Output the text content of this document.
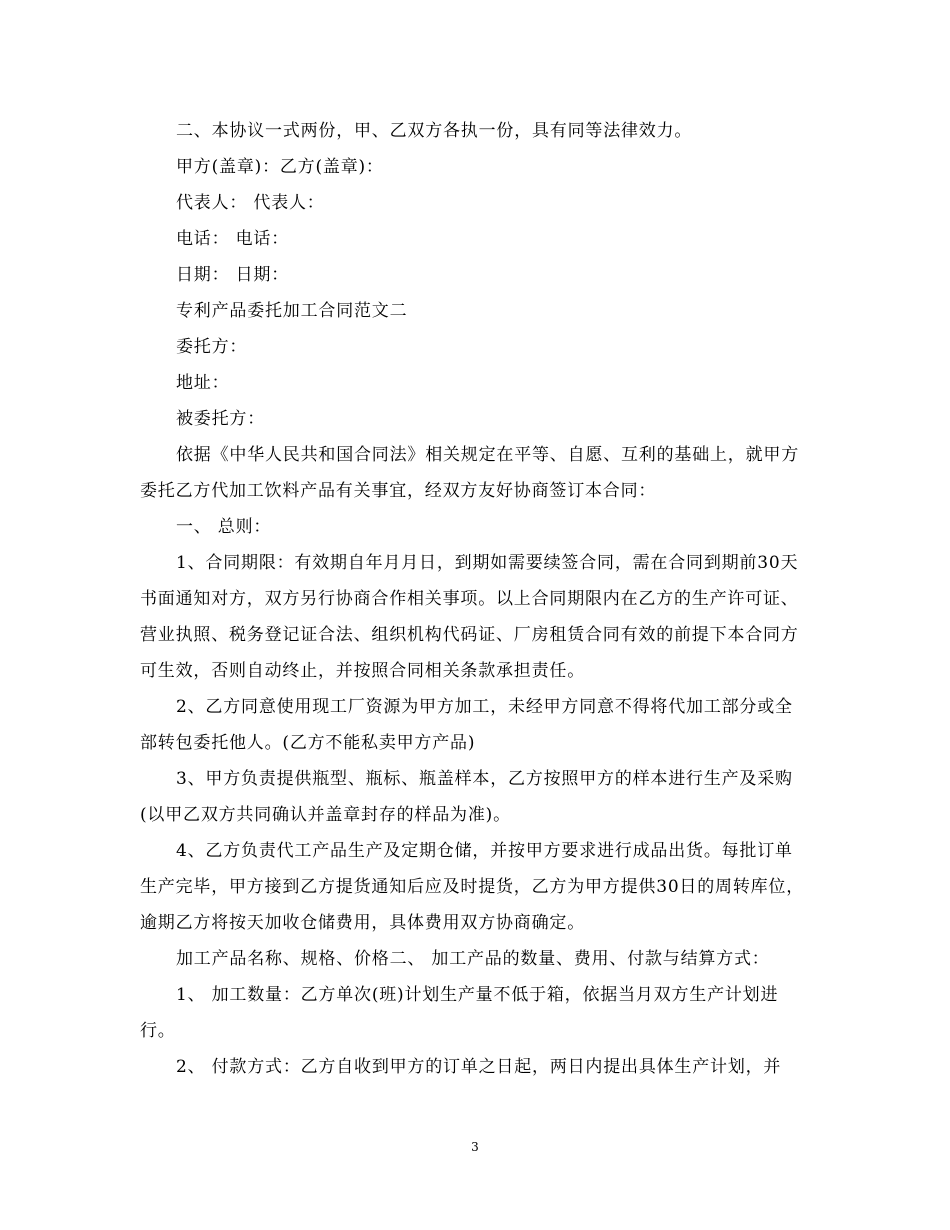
二、本协议一式两份，甲、乙双方各执一份，具有同等法律效力。

甲方(盖章)：乙方(盖章)：

代表人： 代表人：

电话： 电话：

日期： 日期：

专利产品委托加工合同范文二

委托方：

地址：

被委托方：

依据《中华人民共和国合同法》相关规定在平等、自愿、互利的基础上，就甲方委托乙方代加工饮料产品有关事宜，经双方友好协商签订本合同：

一、 总则：

1、合同期限：有效期自年月月日，到期如需要续签合同，需在合同到期前30天书面通知对方，双方另行协商合作相关事项。以上合同期限内在乙方的生产许可证、营业执照、税务登记证合法、组织机构代码证、厂房租赁合同有效的前提下本合同方可生效，否则自动终止，并按照合同相关条款承担责任。

2、乙方同意使用现工厂资源为甲方加工，未经甲方同意不得将代加工部分或全部转包委托他人。(乙方不能私卖甲方产品)

3、甲方负责提供瓶型、瓶标、瓶盖样本，乙方按照甲方的样本进行生产及采购(以甲乙双方共同确认并盖章封存的样品为准)。

4、乙方负责代工产品生产及定期仓储，并按甲方要求进行成品出货。每批订单生产完毕，甲方接到乙方提货通知后应及时提货，乙方为甲方提供30日的周转库位，逾期乙方将按天加收仓储费用，具体费用双方协商确定。

加工产品名称、规格、价格二、 加工产品的数量、费用、付款与结算方式：

1、 加工数量：乙方单次(班)计划生产量不低于箱，依据当月双方生产计划进行。

2、 付款方式：乙方自收到甲方的订单之日起，两日内提出具体生产计划，并

3
